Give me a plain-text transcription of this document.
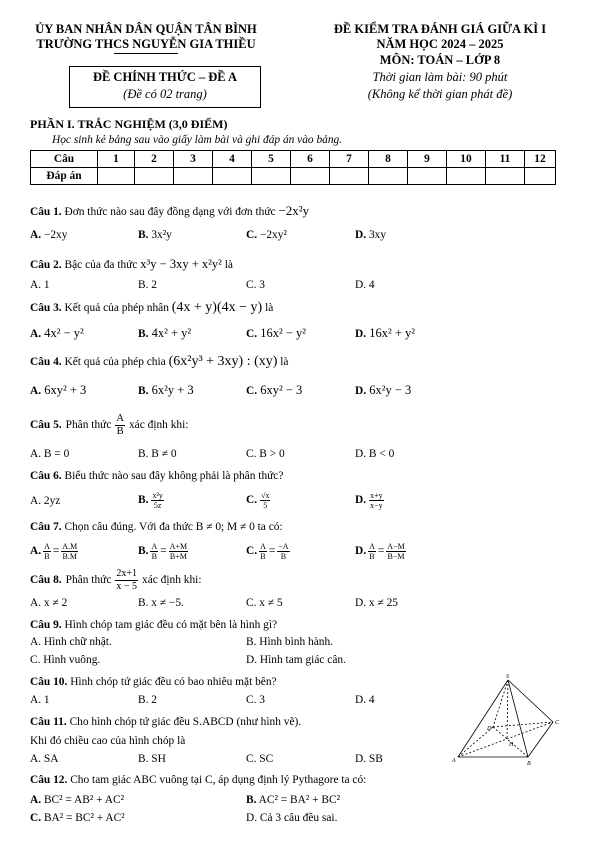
ỦY BAN NHÂN DÂN QUẬN TÂN BÌNH
TRƯỜNG THCS NGUYỄN GIA THIỀU
ĐỀ KIỂM TRA ĐÁNH GIÁ GIỮA KÌ I
NĂM HỌC 2024 – 2025
MÔN: TOÁN – LỚP 8
Thời gian làm bài: 90 phút
(Không kể thời gian phát đề)
ĐỀ CHÍNH THỨC – ĐỀ A
(Đề có 02 trang)
PHẦN I. TRẮC NGHIỆM (3,0 ĐIỂM)
Học sinh kẻ bảng sau vào giấy làm bài và ghi đáp án vào bảng.
Câu	1	2	3	4	5	6	7	8	9	10	11	12
Đáp án												
Câu 1. Đơn thức nào sau đây đồng dạng với đơn thức −2x²y
A. −2xy	B. 3x²y	C. −2xy²	D. 3xy
Câu 2. Bậc của đa thức x³y − 3xy + x²y² là
A. 1	B. 2	C. 3	D. 4
Câu 3. Kết quả của phép nhân (4x + y)(4x − y) là
A. 4x² − y²	B. 4x² + y²	C. 16x² − y²	D. 16x² + y²
Câu 4. Kết quả của phép chia (6x²y³ + 3xy) : (xy) là
A. 6xy² + 3	B. 6x²y + 3	C. 6xy² − 3	D. 6x²y − 3
Câu 5. Phân thức $\frac{A}{B}$ xác định khi:
A. B = 0	B. B ≠ 0	C. B > 0	D. B < 0
Câu 6. Biểu thức nào sau đây không phải là phân thức?
A. 2yz	B. $\frac{\text{x²y}}{5z}$	C. $\frac{√x}{5}$	D. $\frac{x+y}{x-y}$
Câu 7. Chọn câu đúng. Với đa thức B ≠ 0; M ≠ 0 ta có:
A. $\frac{A}{B} = \frac{A.M}{B.M}$	B. $\frac{A}{B} = \frac{A+M}{B+M}$	C. $\frac{A}{B} = \frac{-A}{B}$	D. $\frac{A}{B} = \frac{A-M}{B-M}$
Câu 8. Phân thức $\frac{2x+1}{x - 5}$ xác định khi:
A. x ≠ 2	B. x ≠ −5.	C. x ≠ 5	D. x ≠ 25
Câu 9. Hình chóp tam giác đều có mặt bên là hình gì?
A. Hình chữ nhật.	B. Hình bình hành.
C. Hình vuông.	D. Hình tam giác cân.
Câu 10. Hình chóp tứ giác đều có bao nhiêu mặt bên?
A. 1	B. 2	C. 3	D. 4
Câu 11. Cho hình chóp tứ giác đều S.ABCD (như hình vẽ).
Khi đó chiều cao của hình chóp là
A. SA	B. SH	C. SC	D. SB
S
A	B
C
D
H
Câu 12. Cho tam giác ABC vuông tại C, áp dụng định lý Pythagore ta có:
A. BC² = AB² + AC²	B. AC² = BA² + BC²
C. BA² = BC² + AC²	D. Cả 3 câu đều sai.
